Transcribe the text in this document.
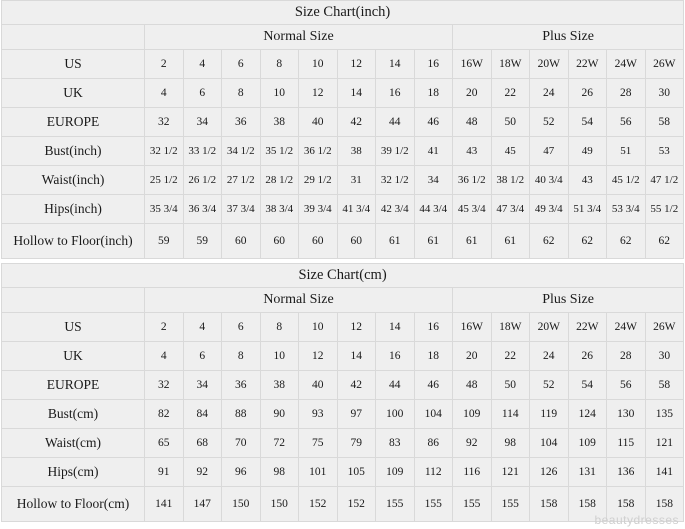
Size Chart(inch)														
	Normal Size								Plus Size					
US	2	4	6	8	10	12	14	16	16W	18W	20W	22W	24W	26W
UK	4	6	8	10	12	14	16	18	20	22	24	26	28	30
EUROPE	32	34	36	38	40	42	44	46	48	50	52	54	56	58
Bust(inch)	32 1/2	33 1/2	34 1/2	35 1/2	36 1/2	38	39 1/2	41	43	45	47	49	51	53
Waist(inch)	25 1/2	26 1/2	27 1/2	28 1/2	29 1/2	31	32 1/2	34	36 1/2	38 1/2	40 3/4	43	45 1/2	47 1/2
Hips(inch)	35 3/4	36 3/4	37 3/4	38 3/4	39 3/4	41 3/4	42 3/4	44 3/4	45 3/4	47 3/4	49 3/4	51 3/4	53 3/4	55 1/2
Hollow to Floor(inch)	59	59	60	60	60	60	61	61	61	61	62	62	62	62
Size Chart(cm)														
	Normal Size								Plus Size					
US	2	4	6	8	10	12	14	16	16W	18W	20W	22W	24W	26W
UK	4	6	8	10	12	14	16	18	20	22	24	26	28	30
EUROPE	32	34	36	38	40	42	44	46	48	50	52	54	56	58
Bust(cm)	82	84	88	90	93	97	100	104	109	114	119	124	130	135
Waist(cm)	65	68	70	72	75	79	83	86	92	98	104	109	115	121
Hips(cm)	91	92	96	98	101	105	109	112	116	121	126	131	136	141
Hollow to Floor(cm)	141	147	150	150	152	152	155	155	155	155	158	158	158	158
beautydresses
